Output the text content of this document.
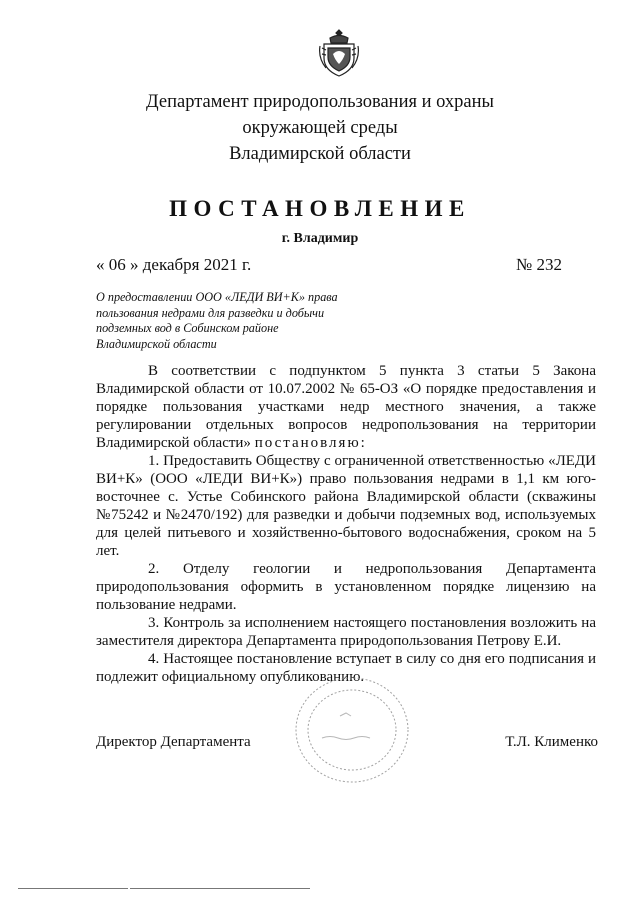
Департамент природопользования и охраны
окружающей среды
Владимирской области
ПОСТАНОВЛЕНИЕ
г. Владимир
« 06 » декабря 2021 г.	№ 232
О предоставлении ООО «ЛЕДИ ВИ+К» права пользования недрами для разведки и добычи подземных вод в Собинском районе Владимирской области

В соответствии с подпунктом 5 пункта 3 статьи 5 Закона Владимирской области от 10.07.2002 № 65-ОЗ «О порядке предоставления и порядке пользования участками недр местного значения, а также регулировании отдельных вопросов недропользования на территории Владимирской области» постановляю:

1. Предоставить Обществу с ограниченной ответственностью «ЛЕДИ ВИ+К» (ООО «ЛЕДИ ВИ+К») право пользования недрами в 1,1 км юго-восточнее с. Устье Собинского района Владимирской области (скважины №75242 и №2470/192) для разведки и добычи подземных вод, используемых для целей питьевого и хозяйственно-бытового водоснабжения, сроком на 5 лет.

2. Отделу геологии и недропользования Департамента природопользования оформить в установленном порядке лицензию на пользование недрами.

3. Контроль за исполнением настоящего постановления возложить на заместителя директора Департамента природопользования Петрову Е.И.

4. Настоящее постановление вступает в силу со дня его подписания и подлежит официальному опубликованию.

Директор Департамента	Т.Л. Клименко
